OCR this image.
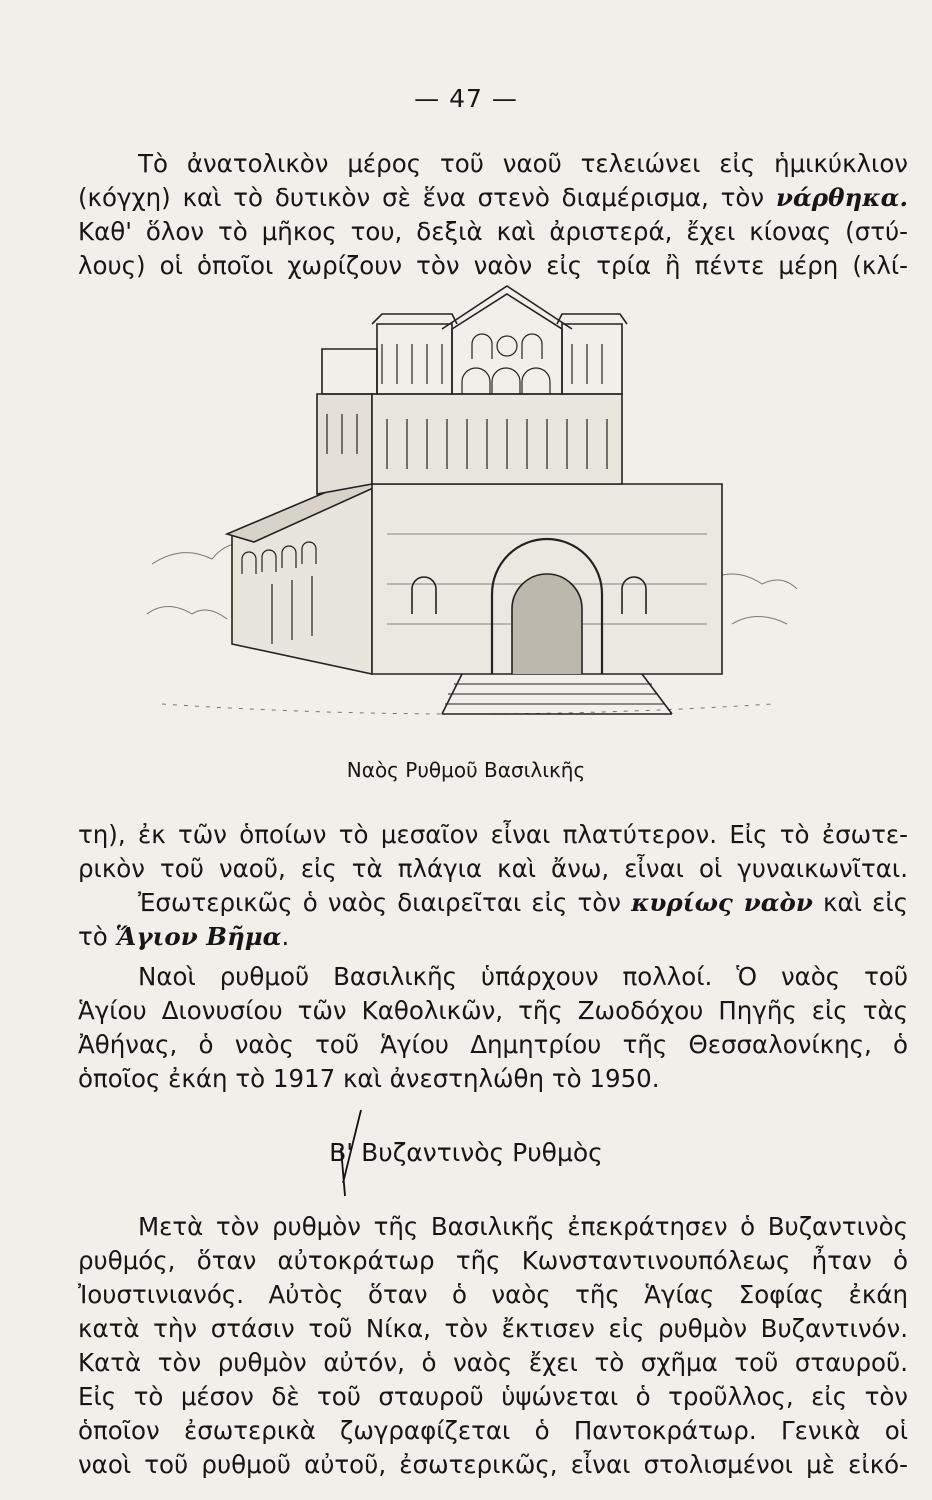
— 47 —
Τὸ ἀνατολικὸν μέρος τοῦ ναοῦ τελειώνει εἰς ἡμικύκλιον
(κόγχη) καὶ τὸ δυτικὸν σὲ ἕνα στενὸ διαμέρισμα, τὸν νάρθηκα.
Καθ' ὅλον τὸ μῆκος του, δεξιὰ καὶ ἀριστερά, ἔχει κίονας (στύ-
λους) οἱ ὁποῖοι χωρίζουν τὸν ναὸν εἰς τρία ἢ πέντε μέρη (κλί-
Ναὸς Ρυθμοῦ Βασιλικῆς
τη), ἐκ τῶν ὁποίων τὸ μεσαῖον εἶναι πλατύτερον. Εἰς τὸ ἐσωτε-
ρικὸν τοῦ ναοῦ, εἰς τὰ πλάγια καὶ ἄνω, εἶναι οἱ γυναικωνῖται.
Ἐσωτερικῶς ὁ ναὸς διαιρεῖται εἰς τὸν κυρίως ναὸν καὶ εἰς
τὸ Ἅγιον Βῆμα.
Ναοὶ ρυθμοῦ Βασιλικῆς ὑπάρχουν πολλοί. Ὁ ναὸς τοῦ
Ἁγίου Διονυσίου τῶν Καθολικῶν, τῆς Ζωοδόχου Πηγῆς εἰς τὰς
Ἀθήνας, ὁ ναὸς τοῦ Ἁγίου Δημητρίου τῆς Θεσσαλονίκης, ὁ
ὁποῖος ἐκάη τὸ 1917 καὶ ἀνεστηλώθη τὸ 1950.
Β' Βυζαντινὸς Ρυθμὸς
Μετὰ τὸν ρυθμὸν τῆς Βασιλικῆς ἐπεκράτησεν ὁ Βυζαντινὸς
ρυθμός, ὅταν αὐτοκράτωρ τῆς Κωνσταντινουπόλεως ἦταν ὁ
Ἰουστινιανός. Αὐτὸς ὅταν ὁ ναὸς τῆς Ἁγίας Σοφίας ἐκάη
κατὰ τὴν στάσιν τοῦ Νίκα, τὸν ἔκτισεν εἰς ρυθμὸν Βυζαντινόν.
Κατὰ τὸν ρυθμὸν αὐτόν, ὁ ναὸς ἔχει τὸ σχῆμα τοῦ σταυροῦ.
Εἰς τὸ μέσον δὲ τοῦ σταυροῦ ὑψώνεται ὁ τροῦλλος, εἰς τὸν
ὁποῖον ἐσωτερικὰ ζωγραφίζεται ὁ Παντοκράτωρ. Γενικὰ οἱ
ναοὶ τοῦ ρυθμοῦ αὐτοῦ, ἐσωτερικῶς, εἶναι στολισμένοι μὲ εἰκό-
